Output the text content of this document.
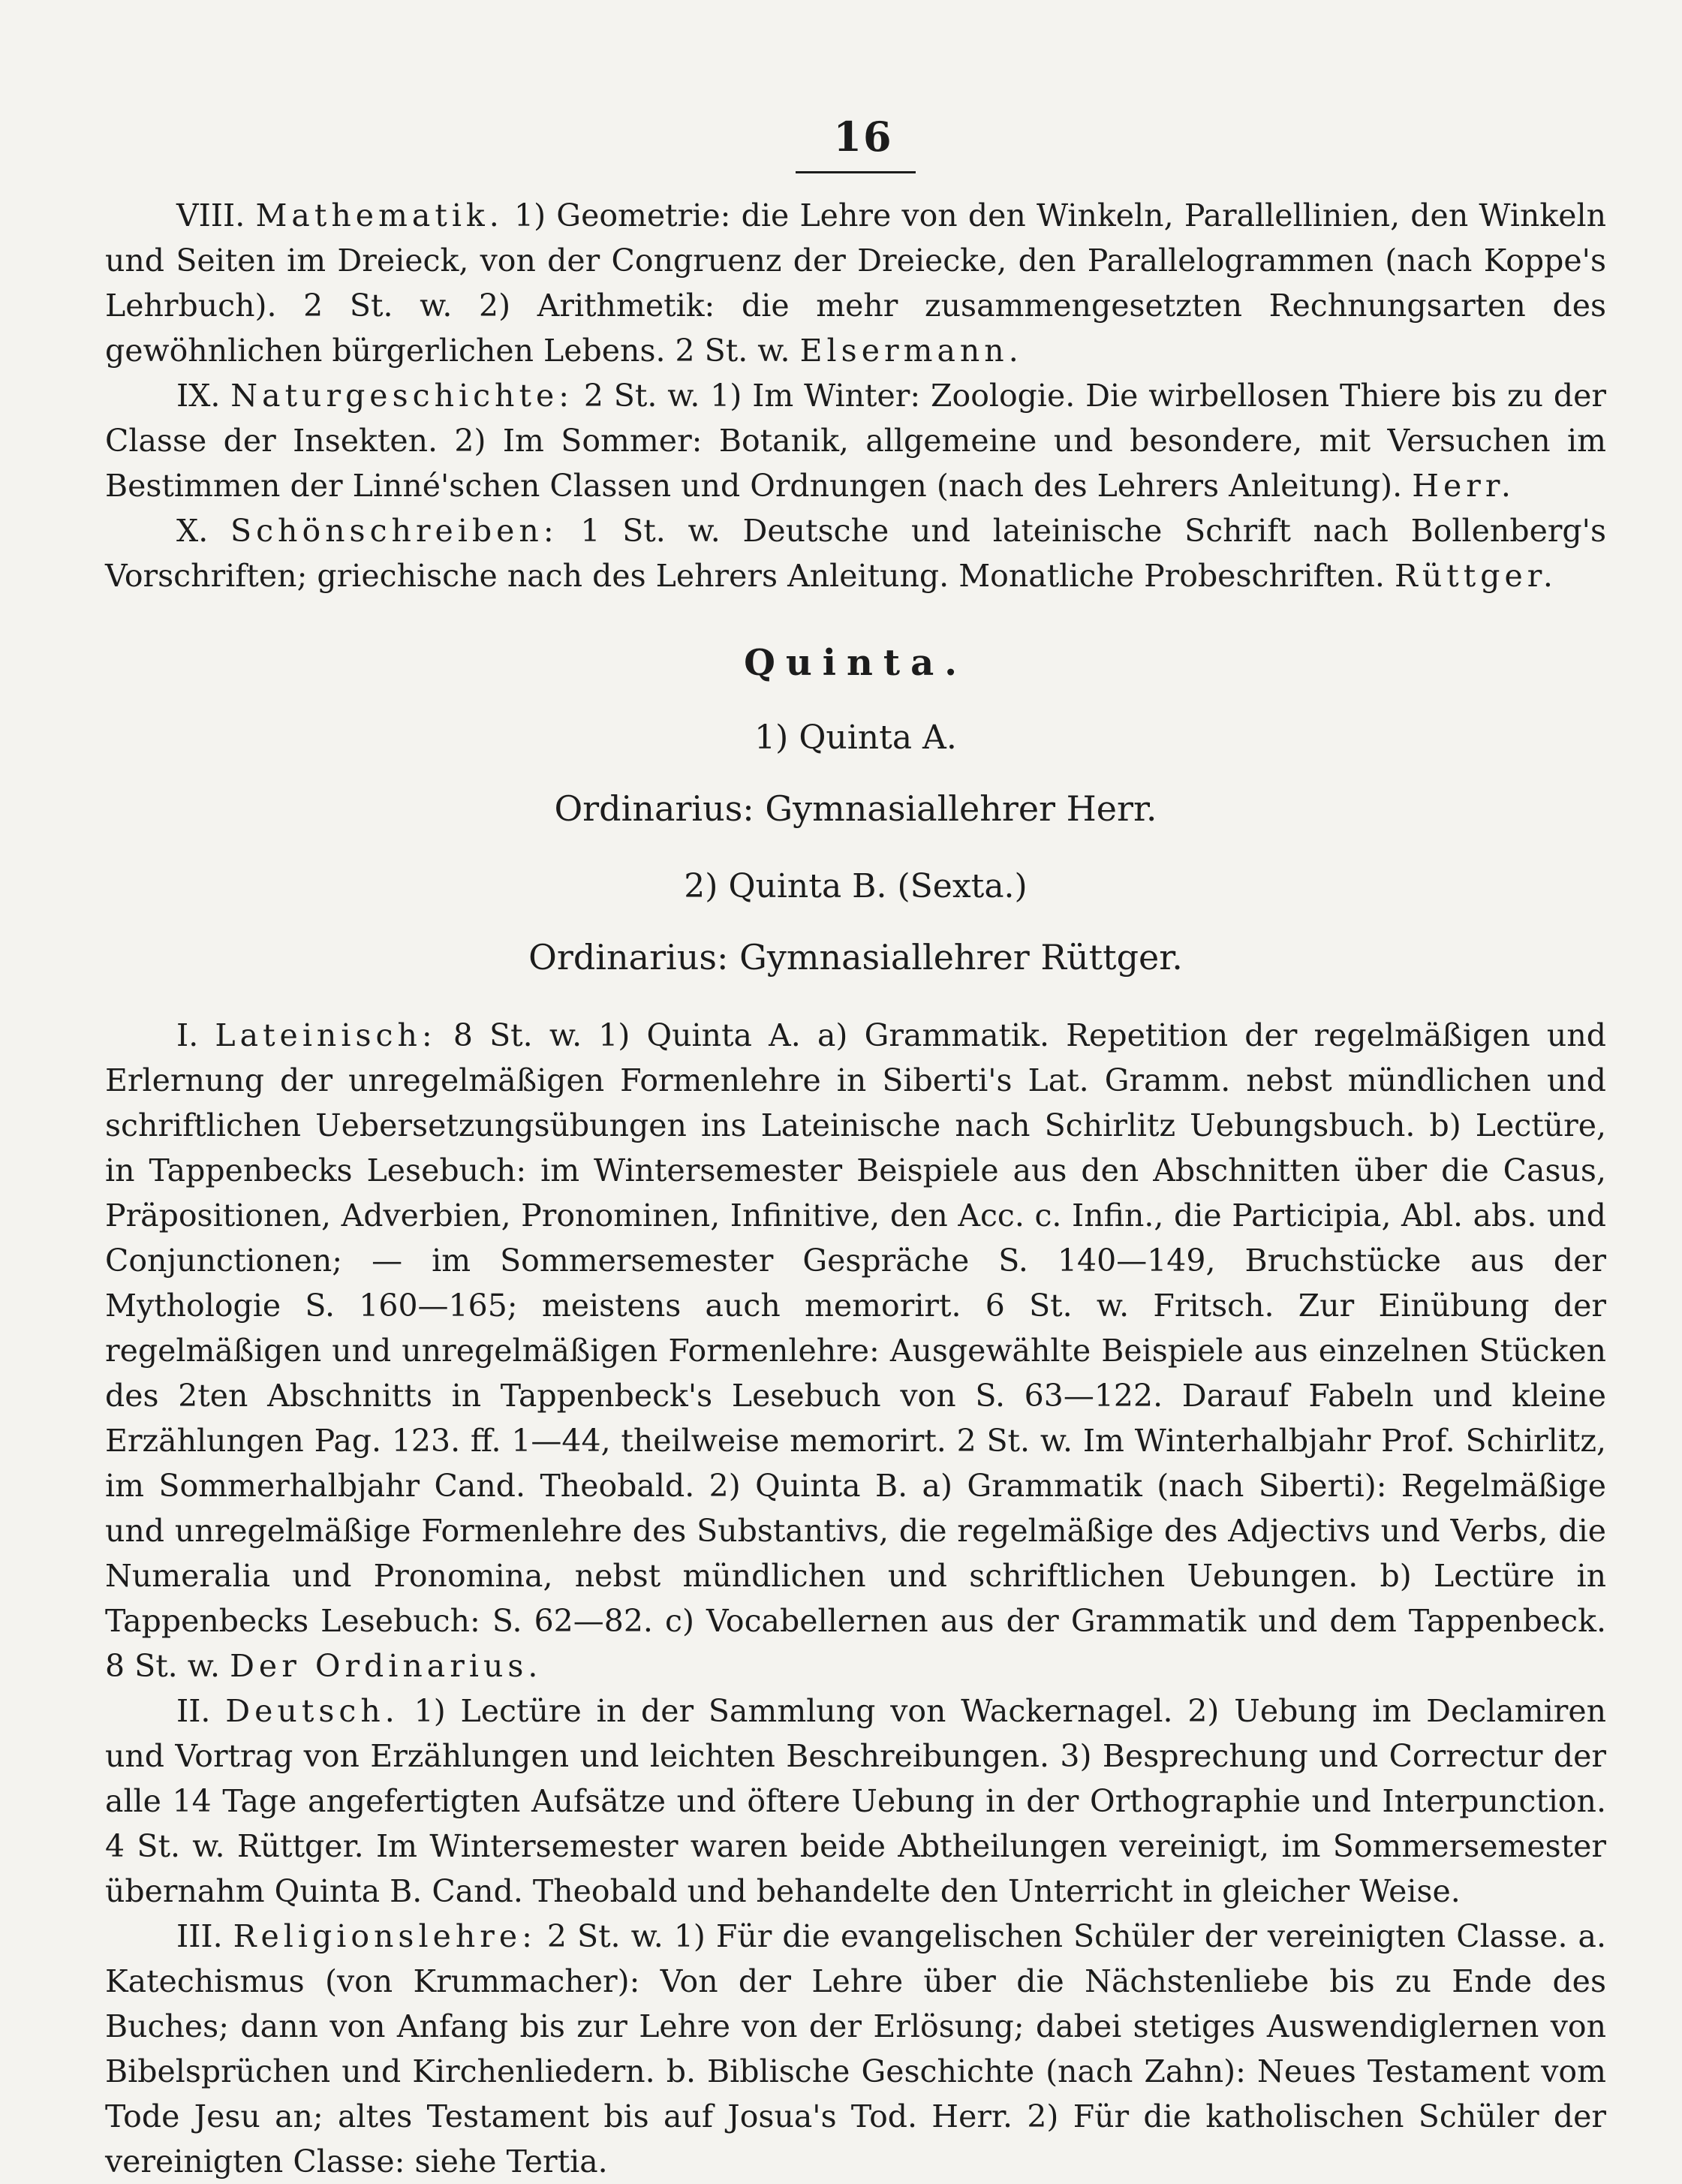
16

VIII. Mathematik. 1) Geometrie: die Lehre von den Winkeln, Parallellinien, den Winkeln und Seiten im Dreieck, von der Congruenz der Dreiecke, den Parallelogrammen (nach Koppe's Lehrbuch). 2 St. w. 2) Arithmetik: die mehr zusammengesetzten Rechnungsarten des gewöhnlichen bürgerlichen Lebens. 2 St. w. Elsermann.

IX. Naturgeschichte: 2 St. w. 1) Im Winter: Zoologie. Die wirbellosen Thiere bis zu der Classe der Insekten. 2) Im Sommer: Botanik, allgemeine und besondere, mit Versuchen im Bestimmen der Linné'schen Classen und Ordnungen (nach des Lehrers Anleitung). Herr.

X. Schönschreiben: 1 St. w. Deutsche und lateinische Schrift nach Bollenberg's Vorschriften; griechische nach des Lehrers Anleitung. Monatliche Probeschriften. Rüttger.

Quinta.

1) Quinta A.

Ordinarius: Gymnasiallehrer Herr.

2) Quinta B. (Sexta.)

Ordinarius: Gymnasiallehrer Rüttger.

I. Lateinisch: 8 St. w. 1) Quinta A. a) Grammatik. Repetition der regelmäßigen und Erlernung der unregelmäßigen Formenlehre in Siberti's Lat. Gramm. nebst mündlichen und schriftlichen Uebersetzungsübungen ins Lateinische nach Schirlitz Uebungsbuch. b) Lectüre, in Tappenbecks Lesebuch: im Wintersemester Beispiele aus den Abschnitten über die Casus, Präpositionen, Adverbien, Pronominen, Infinitive, den Acc. c. Infin., die Participia, Abl. abs. und Conjunctionen; — im Sommersemester Gespräche S. 140—149, Bruchstücke aus der Mythologie S. 160—165; meistens auch memorirt. 6 St. w. Fritsch. Zur Einübung der regelmäßigen und unregelmäßigen Formenlehre: Ausgewählte Beispiele aus einzelnen Stücken des 2ten Abschnitts in Tappenbeck's Lesebuch von S. 63—122. Darauf Fabeln und kleine Erzählungen Pag. 123. ff. 1—44, theilweise memorirt. 2 St. w. Im Winterhalbjahr Prof. Schirlitz, im Sommerhalbjahr Cand. Theobald. 2) Quinta B. a) Grammatik (nach Siberti): Regelmäßige und unregelmäßige Formenlehre des Substantivs, die regelmäßige des Adjectivs und Verbs, die Numeralia und Pronomina, nebst mündlichen und schriftlichen Uebungen. b) Lectüre in Tappenbecks Lesebuch: S. 62—82. c) Vocabellernen aus der Grammatik und dem Tappenbeck. 8 St. w. Der Ordinarius.

II. Deutsch. 1) Lectüre in der Sammlung von Wackernagel. 2) Uebung im Declamiren und Vortrag von Erzählungen und leichten Beschreibungen. 3) Besprechung und Correctur der alle 14 Tage angefertigten Aufsätze und öftere Uebung in der Orthographie und Interpunction. 4 St. w. Rüttger. Im Wintersemester waren beide Abtheilungen vereinigt, im Sommersemester übernahm Quinta B. Cand. Theobald und behandelte den Unterricht in gleicher Weise.

III. Religionslehre: 2 St. w. 1) Für die evangelischen Schüler der vereinigten Classe. a. Katechismus (von Krummacher): Von der Lehre über die Nächstenliebe bis zu Ende des Buches; dann von Anfang bis zur Lehre von der Erlösung; dabei stetiges Auswendiglernen von Bibelsprüchen und Kirchenliedern. b. Biblische Geschichte (nach Zahn): Neues Testament vom Tode Jesu an; altes Testament bis auf Josua's Tod. Herr. 2) Für die katholischen Schüler der vereinigten Classe: siehe Tertia.
